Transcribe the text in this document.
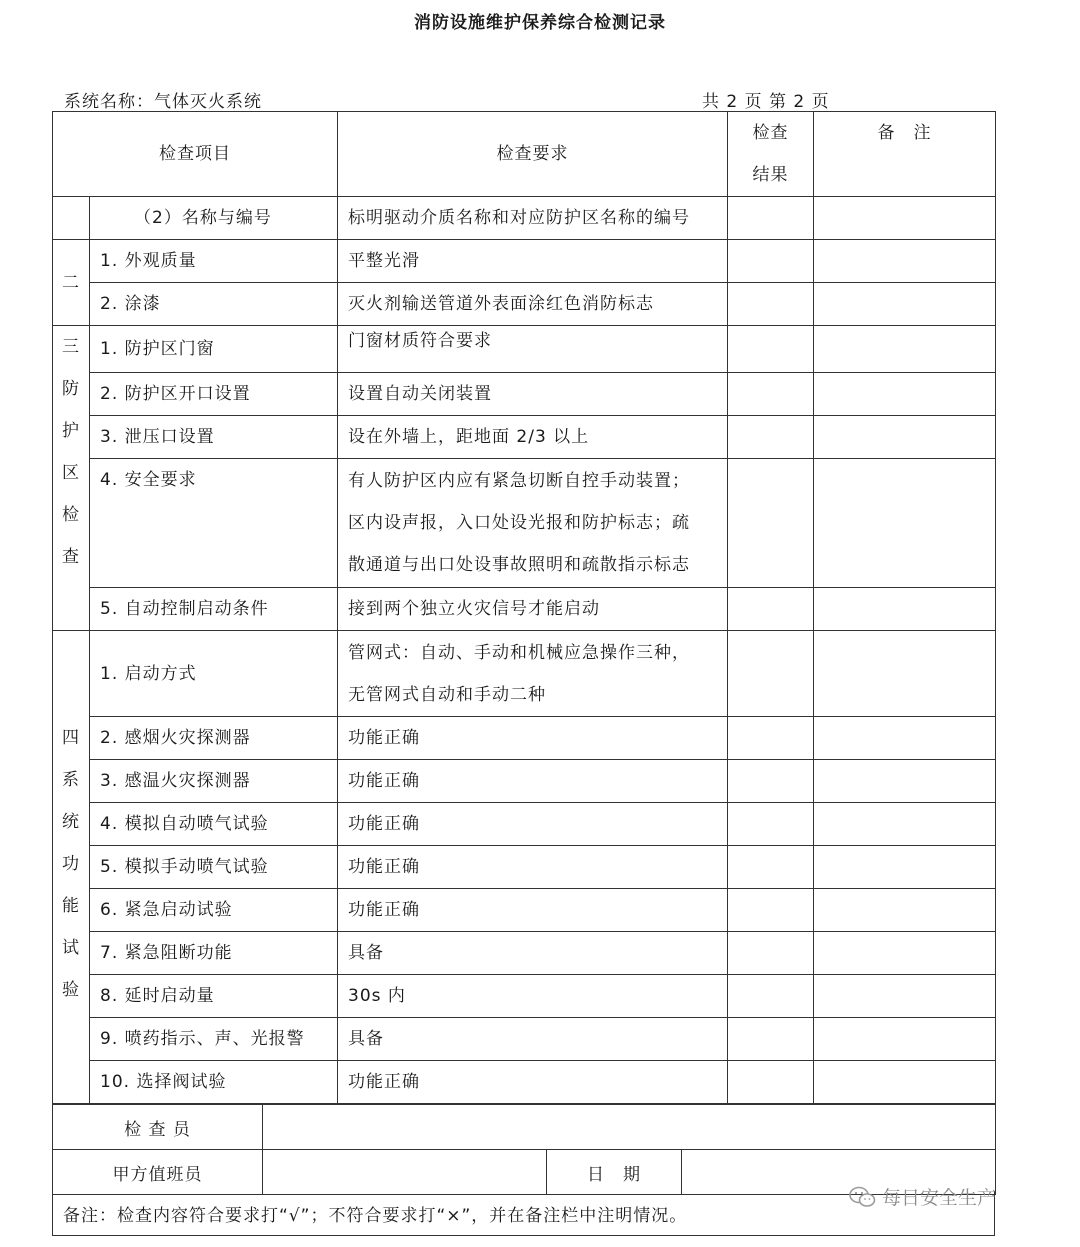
消防设施维护保养综合检测记录
系统名称：气体灭火系统	共 2 页 第 2 页
检查项目		检查要求	检查结果	备　注
	（2）名称与编号	标明驱动介质名称和对应防护区名称的编号		
二	1. 外观质量	平整光滑		
	2. 涂漆	灭火剂输送管道外表面涂红色消防标志		
三防护区检查	1. 防护区门窗	门窗材质符合要求		
	2. 防护区开口设置	设置自动关闭装置		
	3. 泄压口设置	设在外墙上，距地面 2/3 以上		

	4. 安全要求	有人防护区内应有紧急切断自控手动装置；
区内设声报，入口处设光报和防护标志；疏
散通道与出口处设事故照明和疏散指示标志		

	5. 自动控制启动条件	接到两个独立火灾信号才能启动		
四系统功能试验	1. 启动方式	管网式：自动、手动和机械应急操作三种，
无管网式自动和手动二种		

	2. 感烟火灾探测器	功能正确		
	3. 感温火灾探测器	功能正确		
	4. 模拟自动喷气试验	功能正确		
	5. 模拟手动喷气试验	功能正确		
	6. 紧急启动试验	功能正确		
	7. 紧急阻断功能	具备		
	8. 延时启动量	30s 内		
	9. 喷药指示、声、光报警	具备		
	10. 选择阀试验	功能正确		
检 查 员			
甲方值班员		日　期	
备注：检查内容符合要求打“√”；不符合要求打“×”，并在备注栏中注明情况。
每日安全生产
